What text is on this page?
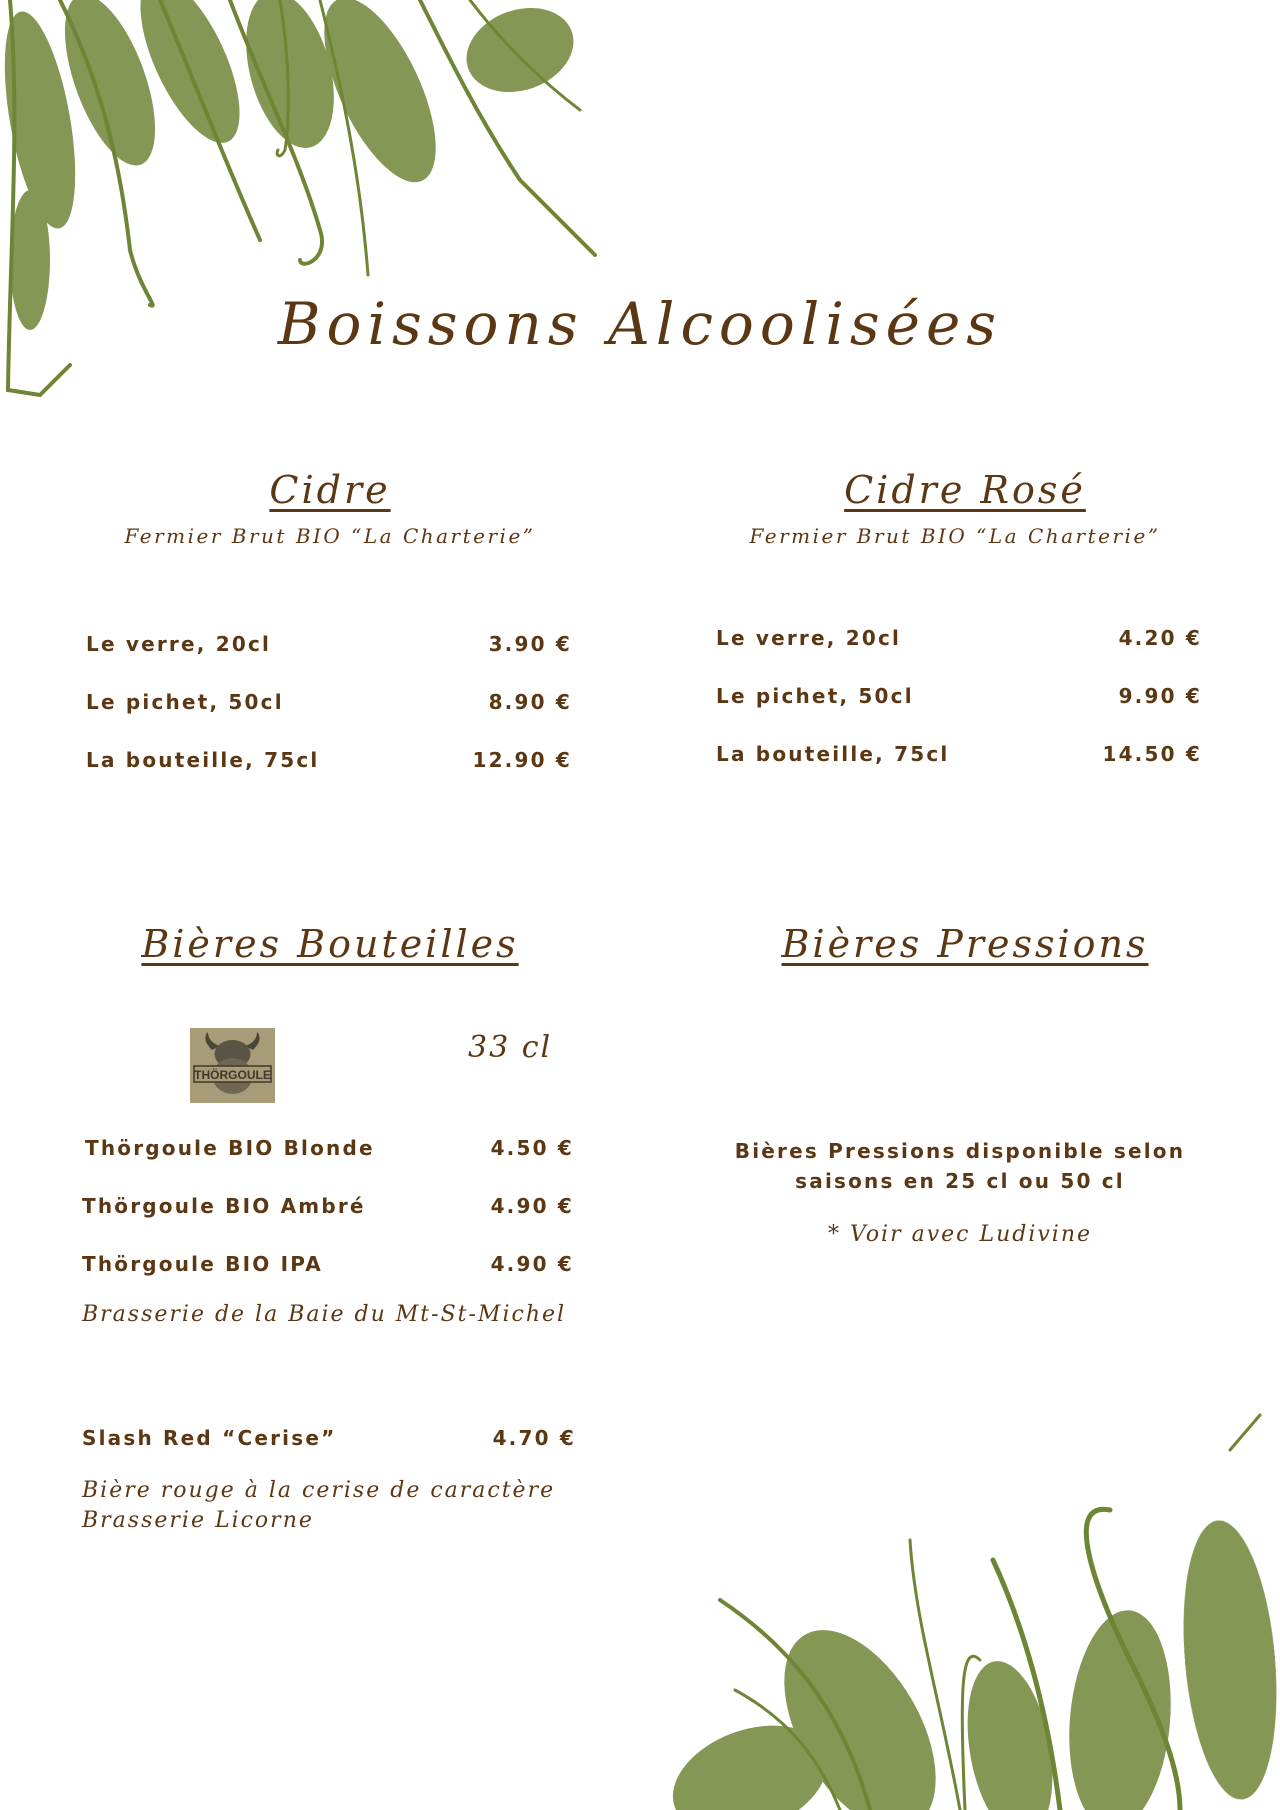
Boissons Alcoolisées
Cidre
Fermier Brut BIO “La Charterie”
Le verre, 20cl	3.90 €
Le pichet, 50cl	8.90 €
La bouteille, 75cl	12.90 €
Cidre Rosé
Fermier Brut BIO “La Charterie”
Le verre, 20cl	4.20 €
Le pichet, 50cl	9.90 €
La bouteille, 75cl	14.50 €
Bières Bouteilles
THÖRGOULE
33 cl
Thörgoule BIO Blonde	4.50 €
Thörgoule BIO Ambré	4.90 €
Thörgoule BIO IPA	4.90 €
Brasserie de la Baie du Mt-St-Michel
Slash Red “Cerise”	4.70 €
Bière rouge à la cerise de caractère
Brasserie Licorne
Bières Pressions
Bières Pressions disponible selon
saisons en 25 cl ou 50 cl
* Voir avec Ludivine
